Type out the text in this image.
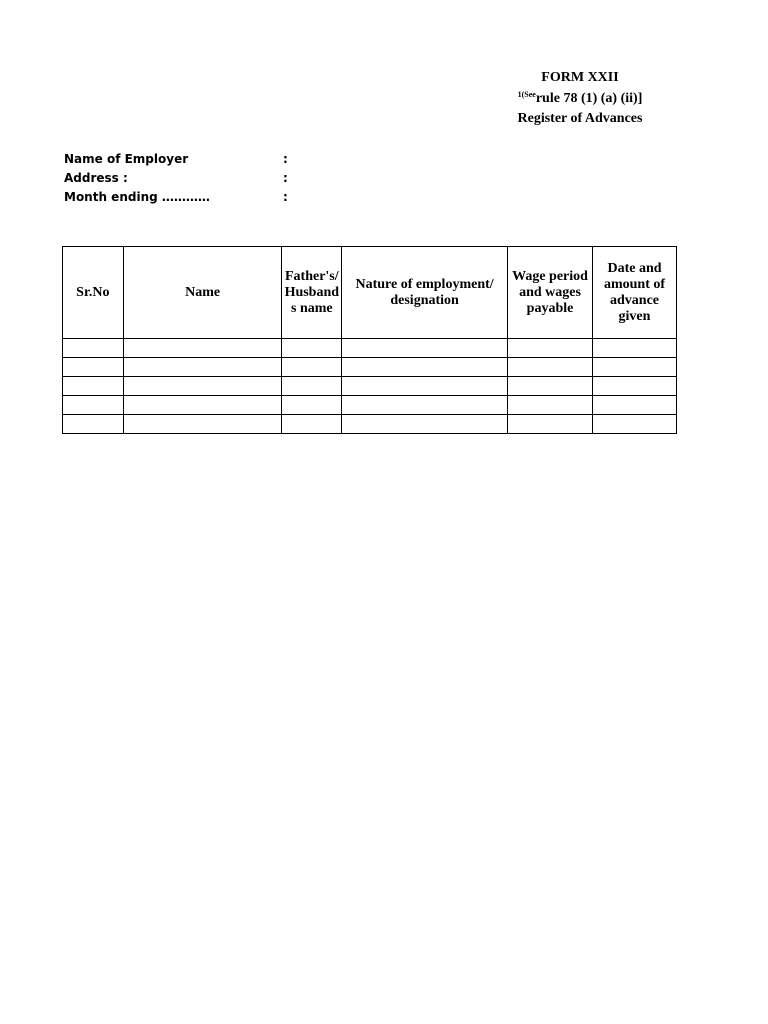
FORM XXII
$^{1(See}$rule 78 (1) (a) (ii)]
Register of Advances
Name of Employer	:
Address :	:
Month ending …………	:
Sr.No	Name	Father's/ Husbands name	Nature of employment/ designation	Wage period and wages payable	Date and amount of advance given
